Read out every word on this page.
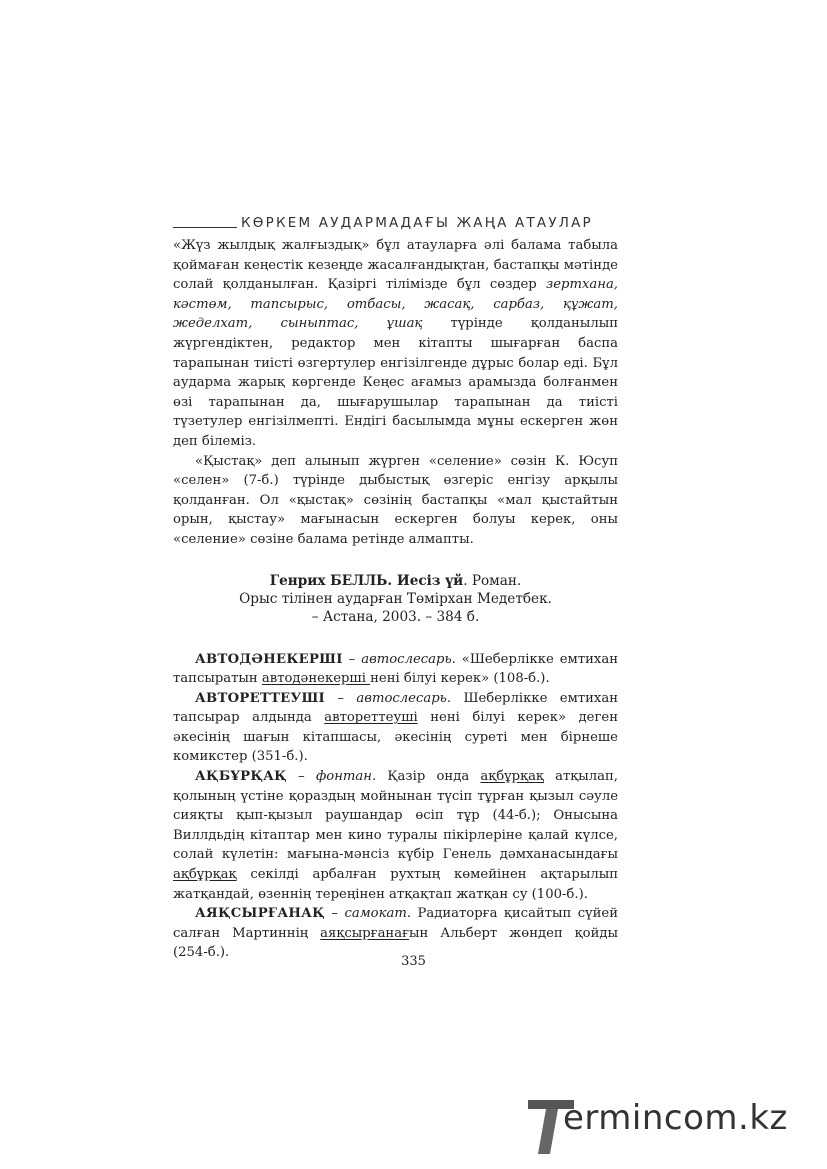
КӨРКЕМ АУДАРМАДАҒЫ ЖАҢА АТАУЛАР

«Жүз жылдық жалғыздық» бұл атауларға әлі балама табыла қоймаған кеңестік кезеңде жасалғандықтан, бастапқы мәтінде солай қолданылған. Қазіргі тілімізде бұл сөздер зертхана, кәстөм, тапсырыс, отбасы, жасақ, сарбаз, құжат, жеделхат, сыныптас, ұшақ түрінде қолданылып жүргендіктен, редактор мен кітапты шығарған баспа тарапынан тиісті өзгертулер енгізілгенде дұрыс болар еді. Бұл аударма жарық көргенде Кеңес ағамыз арамызда болғанмен өзі тарапынан да, шығарушылар тарапынан да тиісті түзетулер енгізілмепті. Ендігі басылымда мұны ескерген жөн деп білеміз.

«Қыстақ» деп алынып жүрген «селение» сөзін К. Юсуп «селен» (7-б.) түрінде дыбыстық өзгеріс енгізу арқылы қолданған. Ол «қыстақ» сөзінің бастапқы «мал қыстайтын орын, қыстау» мағынасын ескерген болуы керек, оны «селение» сөзіне балама ретінде алмапты.

Генрих БЕЛЛЬ. Иесіз үй. Роман.
Орыс тілінен аударған Төмірхан Медетбек.
– Астана, 2003. – 384 б.

АВТОДӘНЕКЕРШІ – автослесарь. «Шеберлікке емтихан тапсыратын автодәнекерші нені білуі керек» (108-б.).

АВТОРЕТТЕУШІ – автослесарь. Шеберлікке емтихан тапсырар алдында автореттеуші нені білуі керек» деген әкесінің шағын кітапшасы, әкесінің суреті мен бірнеше комикстер (351-б.).

АҚБҰРҚАҚ – фонтан. Қазір онда ақбұрқақ атқылап, қолының үстіне қораздың мойнынан түсіп тұрған қызыл сәуле сияқты қып-қызыл раушандар өсіп тұр (44-б.); Онысына Виллдьдің кітаптар мен кино туралы пікірлеріне қалай күлсе, солай күлетін: мағына-мәнсіз күбір Генель дәмханасындағы ақбұрқақ секілді арбалған рухтың көмейінен ақтарылып жатқандай, өзеннің тереңінен атқақтап жатқан су (100-б.).

АЯҚСЫРҒАНАҚ – самокат. Радиаторға қисайтып сүйей салған Мартиннің аяқсырғанағын Альберт жөндеп қойды (254-б.).

335
ermincom.kz
